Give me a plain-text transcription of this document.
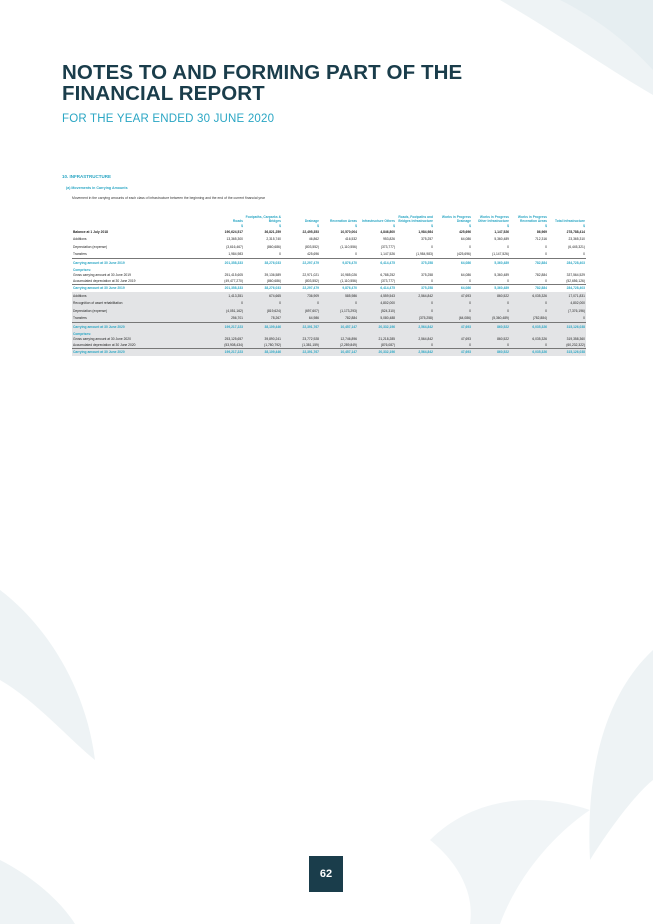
NOTES TO AND FORMING PART OF THE
FINANCIAL REPORT
FOR THE YEAR ENDED 30 JUNE 2020
10. INFRASTRUCTURE
(a) Movements in Carrying Amounts
Movement in the carrying amounts of each class of infrastructure between the beginning and the end of the current financial year
	Roads	Footpaths, Carparks & Bridges	Drainage	Recreation Areas	Infrastructure Others	Roads, Footpaths and Bridges Infrastructure	Works in Progress Drainage	Works in Progress Other Infrastructure	Works in Progress Recreation Areas	Total Infrastructure
	$	$	$	$	$	$	$	$	$	$
Balance at 1 July 2018	190,624,517	36,821,259	22,495,353	10,570,004	4,846,800	1,984,984	425,696	1,147,526	86,969	278,788,414
Additions	13,365,300	2,315,740	46,862	416,532	953,826	375,257	64,086	5,360,489	712,316	23,365,310
Depreciation (expense)	(3,616,467)	(860,686)	(803,552)	(1,110,556)	(373,777)	0	0	0	0	(6,445,321)
Transfers	1,984,983	0	425,696	0	1,147,526	(1,984,983)	(425,696)	(1,147,526)	0	0
Carrying amount at 30 June 2019	201,358,333	38,276,033	22,297,479	9,876,470	6,414,475	375,258	64,086	5,360,489	782,884	284,728,403
Comprises:										
Gross carrying amount at 30 June 2019	251,415,605	39,136,589	22,971,021	10,985,026	6,788,252	375,258	64,086	5,360,489	782,884	337,564,529
Accumulated depreciation at 30 June 2019	(49,477,270)	(860,686)	(803,552)	(1,110,556)	(373,777)	0	0	0	0	(52,656,126)
Carrying amount at 30 June 2019	201,358,333	38,276,033	22,297,479	9,876,470	6,414,475	375,258	64,086	5,360,489	782,884	284,728,403
Additions	1,413,351	674,665	736,909	585,986	4,559,543	2,564,842	47,693	860,522	6,035,326	17,071,831
Recognition of asset rehabilitation	0	0	0	0	4,802,000	0	0	0	0	4,802,000
Depreciation (expense)	(4,051,162)	(819,624)	(697,607)	(1,173,293)	(524,310)	0	0	0	0	(7,376,196)
Transfers	256,701	78,267	64,986	782,884	5,080,488	(375,258)	(64,086)	(5,360,489)	(782,884)	0
Carrying amount at 30 June 2020	199,217,223	38,109,446	22,391,767	10,457,147	20,332,196	2,564,842	47,693	860,522	6,035,326	315,126,038
Comprises:										
Gross carrying amount at 30 June 2020	253,125,657	39,890,241	23,772,928	12,746,896	21,218,285	2,564,842	47,693	860,522	6,035,326	319,358,360
Accumulated depreciation at 30 June 2020	(53,908,434)	(1,780,792)	(1,381,159)	(2,289,849)	(876,087)	0	0	0	0	(60,232,322)
Carrying amount at 30 June 2020	199,217,223	38,109,446	22,391,767	10,457,147	20,332,196	2,564,842	47,693	860,522	6,035,326	315,126,038
62
